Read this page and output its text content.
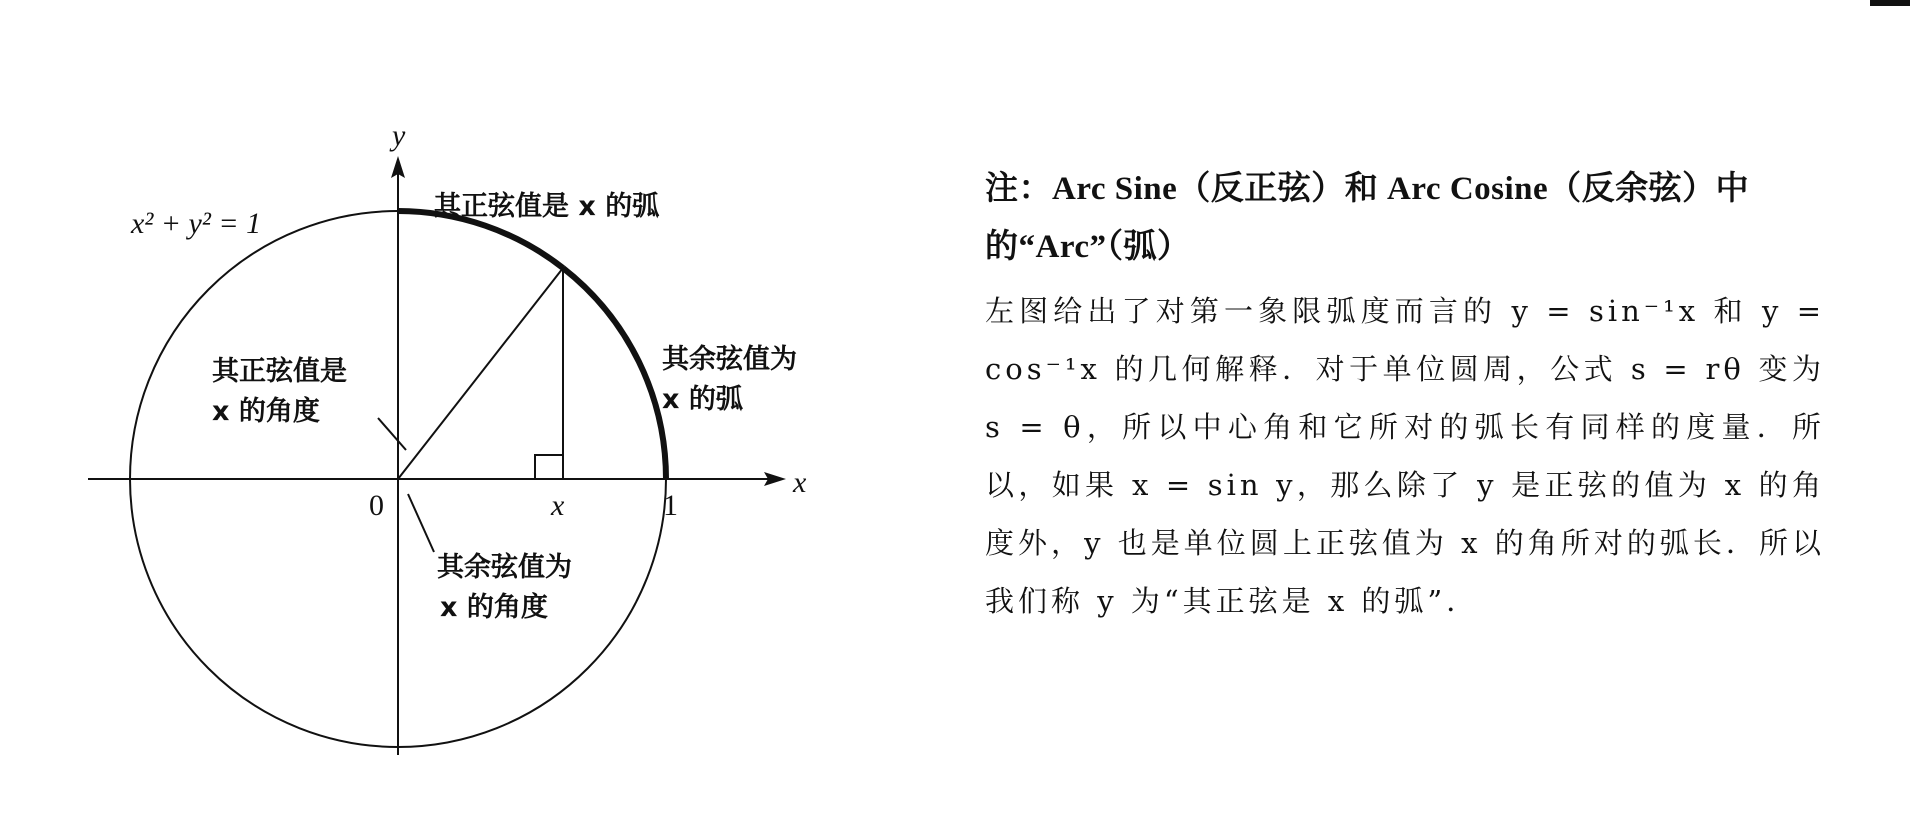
x² + y² = 1
y
x
0	x	1
其正弦值是 x 的弧
其余弦值为
x 的弧
其正弦值是
x 的角度
其余弦值为
x 的角度

注：Arc Sine（反正弦）和 Arc Cosine（反余弦）中的“Arc”（弧）

左图给出了对第一象限弧度而言的 y = sin⁻¹x 和 y = cos⁻¹x 的几何解释．对于单位圆周，公式 s = rθ 变为 s = θ，所以中心角和它所对的弧长有同样的度量．所以，如果 x = sin y，那么除了 y 是正弦的值为 x 的角度外，y 也是单位圆上正弦值为 x 的角所对的弧长．所以我们称 y 为“其正弦是 x 的弧”．
